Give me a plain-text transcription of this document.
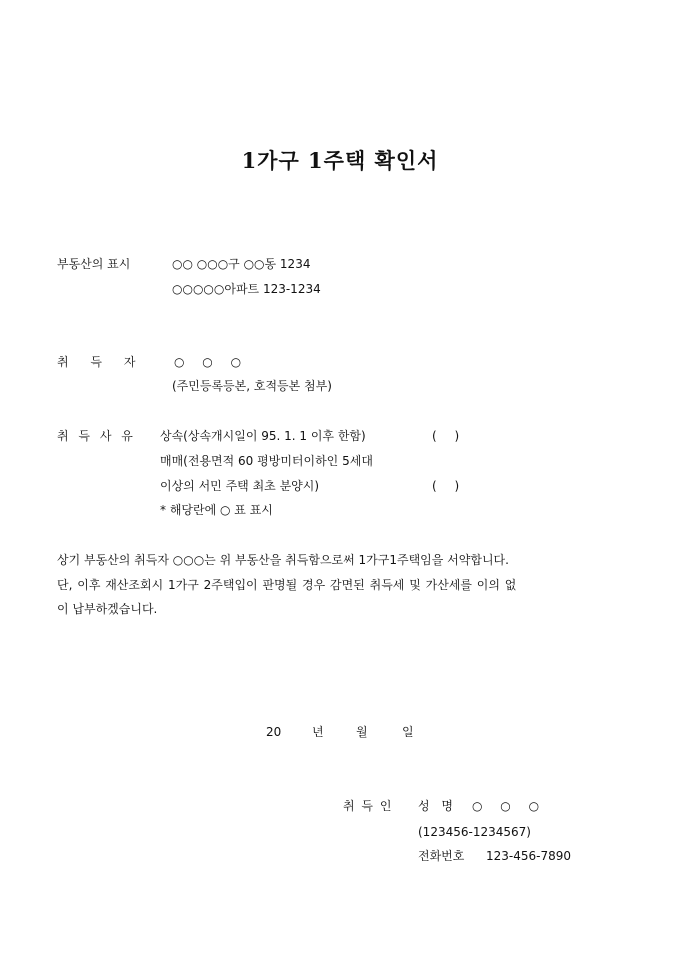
1가구 1주택 확인서
부동산의 표시	○○ ○○○구 ○○동 1234
○○○○○아파트 123-1234
취 득 자	○ ○ ○
(주민등록등본, 호적등본 첨부)
취 득 사 유 상속(상속개시일이 95. 1. 1 이후 한함)	( )
매매(전용면적 60 평방미터이하인 5세대
이상의 서민 주택 최초 분양시)	( )
* 해당란에 ○ 표 표시
상기 부동산의 취득자 ○○○는 위 부동산을 취득함으로써 1가구1주택임을 서약합니다.
단, 이후 재산조회시 1가구 2주택입이 판명될 경우 감면된 취득세 및 가산세를 이의 없
이 납부하겠습니다.
20	년	월	일
취 득 인 성 명 ○ ○ ○
(123456-1234567)
전화번호 123-456-7890
